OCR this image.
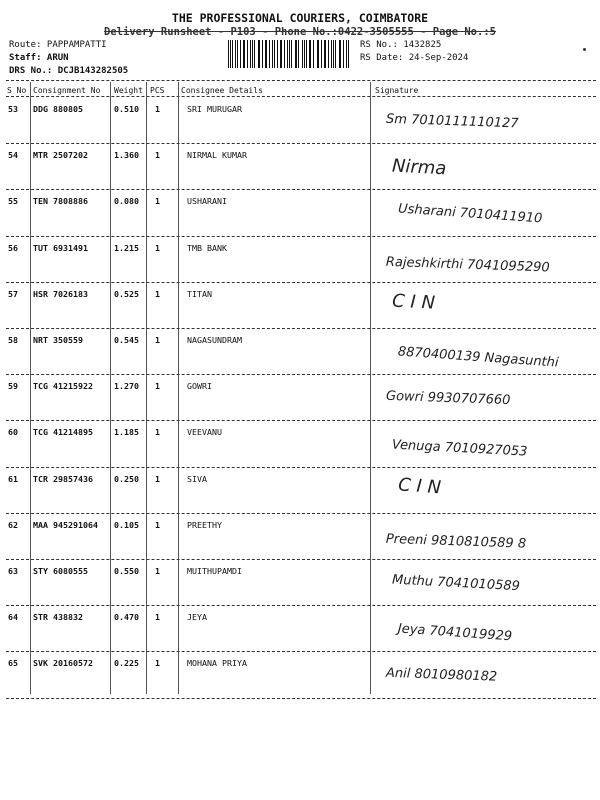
THE PROFESSIONAL COURIERS, COIMBATORE
Delivery Runsheet - P103 - Phone No.:0422-3505555 - Page No.:5
Route: PAPPAMPATTI
Staff: ARUN
DRS No.: DCJB143282505
RS No.: 1432825
RS Date: 24-Sep-2024
S No Consignment No Weight PCS Consignee Details	Signature
53 DDG 880805	0.510 1	SRI MURUGAR
Sm 7010111110127
54 MTR 2507202	1.360 1	NIRMAL KUMAR
Nirma
55 TEN 7808886	0.080 1	USHARANI
Usharani 7010411910
56 TUT 6931491	1.215 1	TMB BANK
Rajeshkirthi 7041095290
57 HSR 7026183	0.525 1	TITAN	C I N
58 NRT 350559	0.545 1	NAGASUNDRAM
8870400139 Nagasunthi
59 TCG 41215922	1.270 1	GOWRI
Gowri 9930707660
60 TCG 41214895	1.185 1	VEEVANU
Venuga 7010927053
61 TCR 29857436	0.250 1	SIVA	C I N
62 MAA 945291064 0.105 1	PREETHY
Preeni 9810810589 8
63 STY 6080555	0.550 1	MUITHUPAMDI
Muthu 7041010589
64 STR 438832	0.470 1	JEYA
Jeya 7041019929
65 SVK 20160572	0.225 1	MOHANA PRIYA
Anil 8010980182
